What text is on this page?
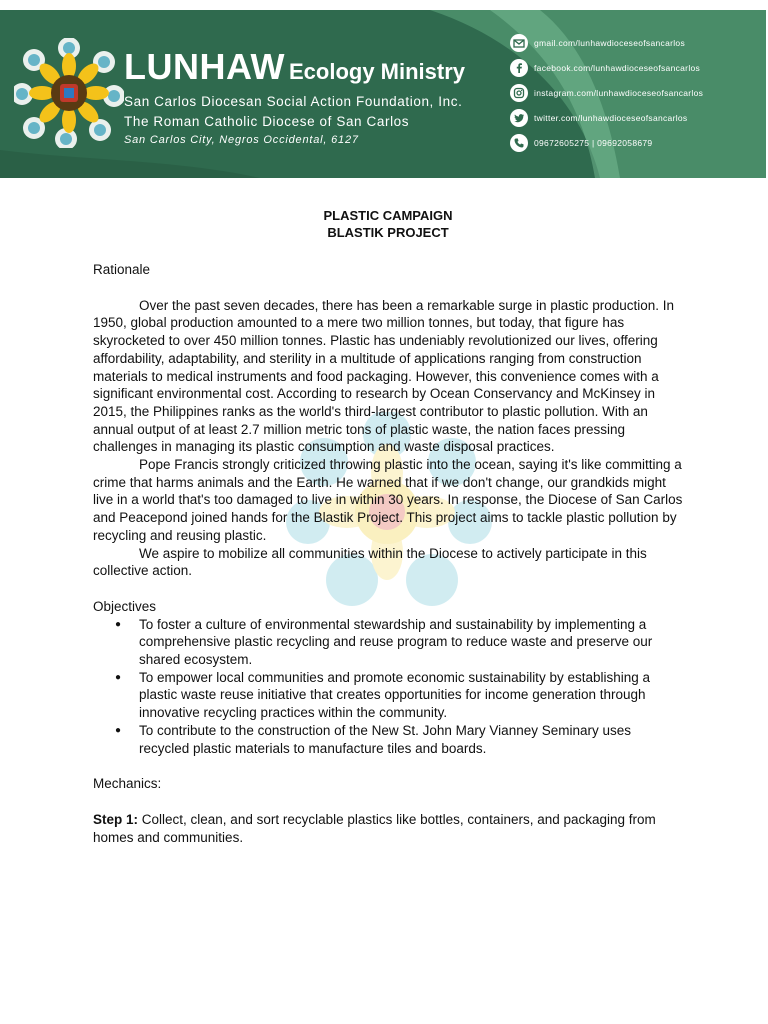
LUNHAW Ecology Ministry
San Carlos Diocesan Social Action Foundation, Inc.
The Roman Catholic Diocese of San Carlos
San Carlos City, Negros Occidental, 6127
gmail.com/lunhawdioceseofsancarlos
facebook.com/lunhawdioceseofsancarlos
instagram.com/lunhawdioceseofsancarlos
twitter.com/lunhawdioceseofsancarlos
09672605275 | 09692058679
PLASTIC CAMPAIGN
BLASTIK PROJECT
Rationale
Over the past seven decades, there has been a remarkable surge in plastic production. In 1950, global production amounted to a mere two million tonnes, but today, that figure has skyrocketed to over 450 million tonnes. Plastic has undeniably revolutionized our lives, offering affordability, adaptability, and sterility in a multitude of applications ranging from construction materials to medical instruments and food packaging. However, this convenience comes with a significant environmental cost. According to research by Ocean Conservancy and McKinsey in 2015, the Philippines ranks as the world's third-largest contributor to plastic pollution. With an annual output of at least 2.7 million metric tons of plastic waste, the nation faces pressing challenges in managing its plastic consumption and waste disposal practices.
Pope Francis strongly criticized throwing plastic into the ocean, saying it's like committing a crime that harms animals and the Earth. He warned that if we don't change, our grandkids might live in a world that's too damaged to live in within 30 years. In response, the Diocese of San Carlos and Peacepond joined hands for the Blastik Project. This project aims to tackle plastic pollution by recycling and reusing plastic.
We aspire to mobilize all communities within the Diocese to actively participate in this collective action.
Objectives
● To foster a culture of environmental stewardship and sustainability by implementing a comprehensive plastic recycling and reuse program to reduce waste and preserve our shared ecosystem.
● To empower local communities and promote economic sustainability by establishing a plastic waste reuse initiative that creates opportunities for income generation through innovative recycling practices within the community.
● To contribute to the construction of the New St. John Mary Vianney Seminary uses recycled plastic materials to manufacture tiles and boards.
Mechanics:
Step 1: Collect, clean, and sort recyclable plastics like bottles, containers, and packaging from homes and communities.
